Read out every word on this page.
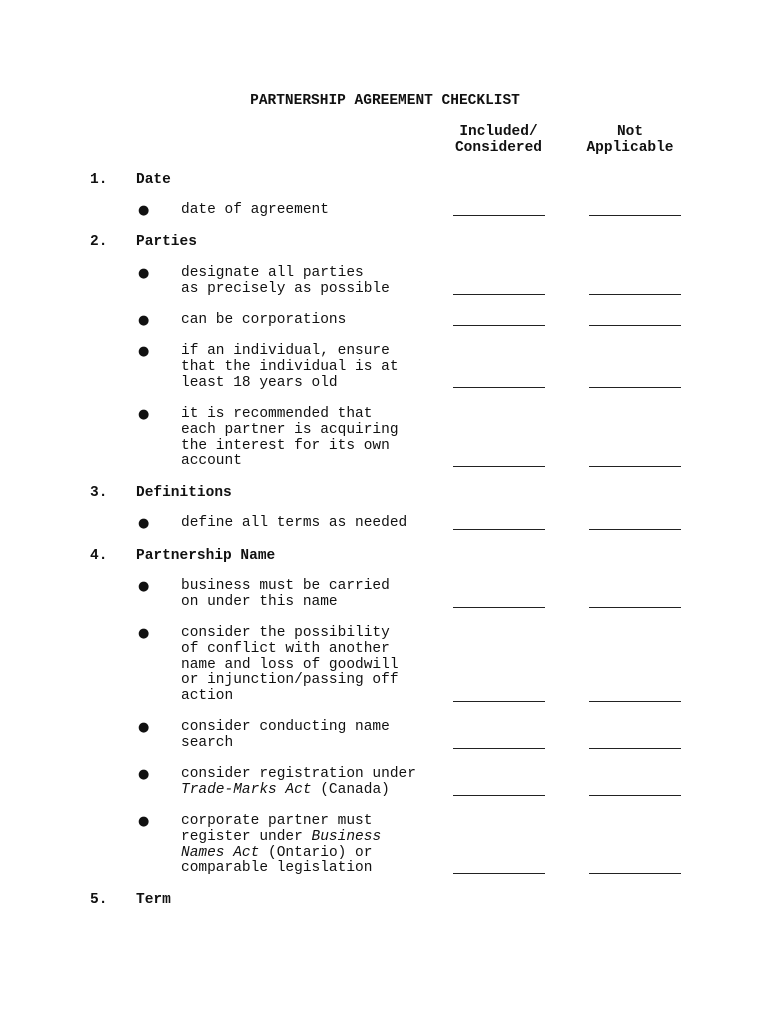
PARTNERSHIP AGREEMENT CHECKLIST
Included/
Considered
Not
Applicable
1. Date
● date of agreement
2. Parties
● designate all parties
as precisely as possible
● can be corporations
● if an individual, ensure
that the individual is at
least 18 years old
● it is recommended that
each partner is acquiring
the interest for its own
account
3. Definitions
● define all terms as needed
4. Partnership Name
● business must be carried
on under this name
● consider the possibility
of conflict with another
name and loss of goodwill
or injunction/passing off
action
● consider conducting name
search
● consider registration under
Trade-Marks Act (Canada)
● corporate partner must
register under Business
Names Act (Ontario) or
comparable legislation
5. Term
